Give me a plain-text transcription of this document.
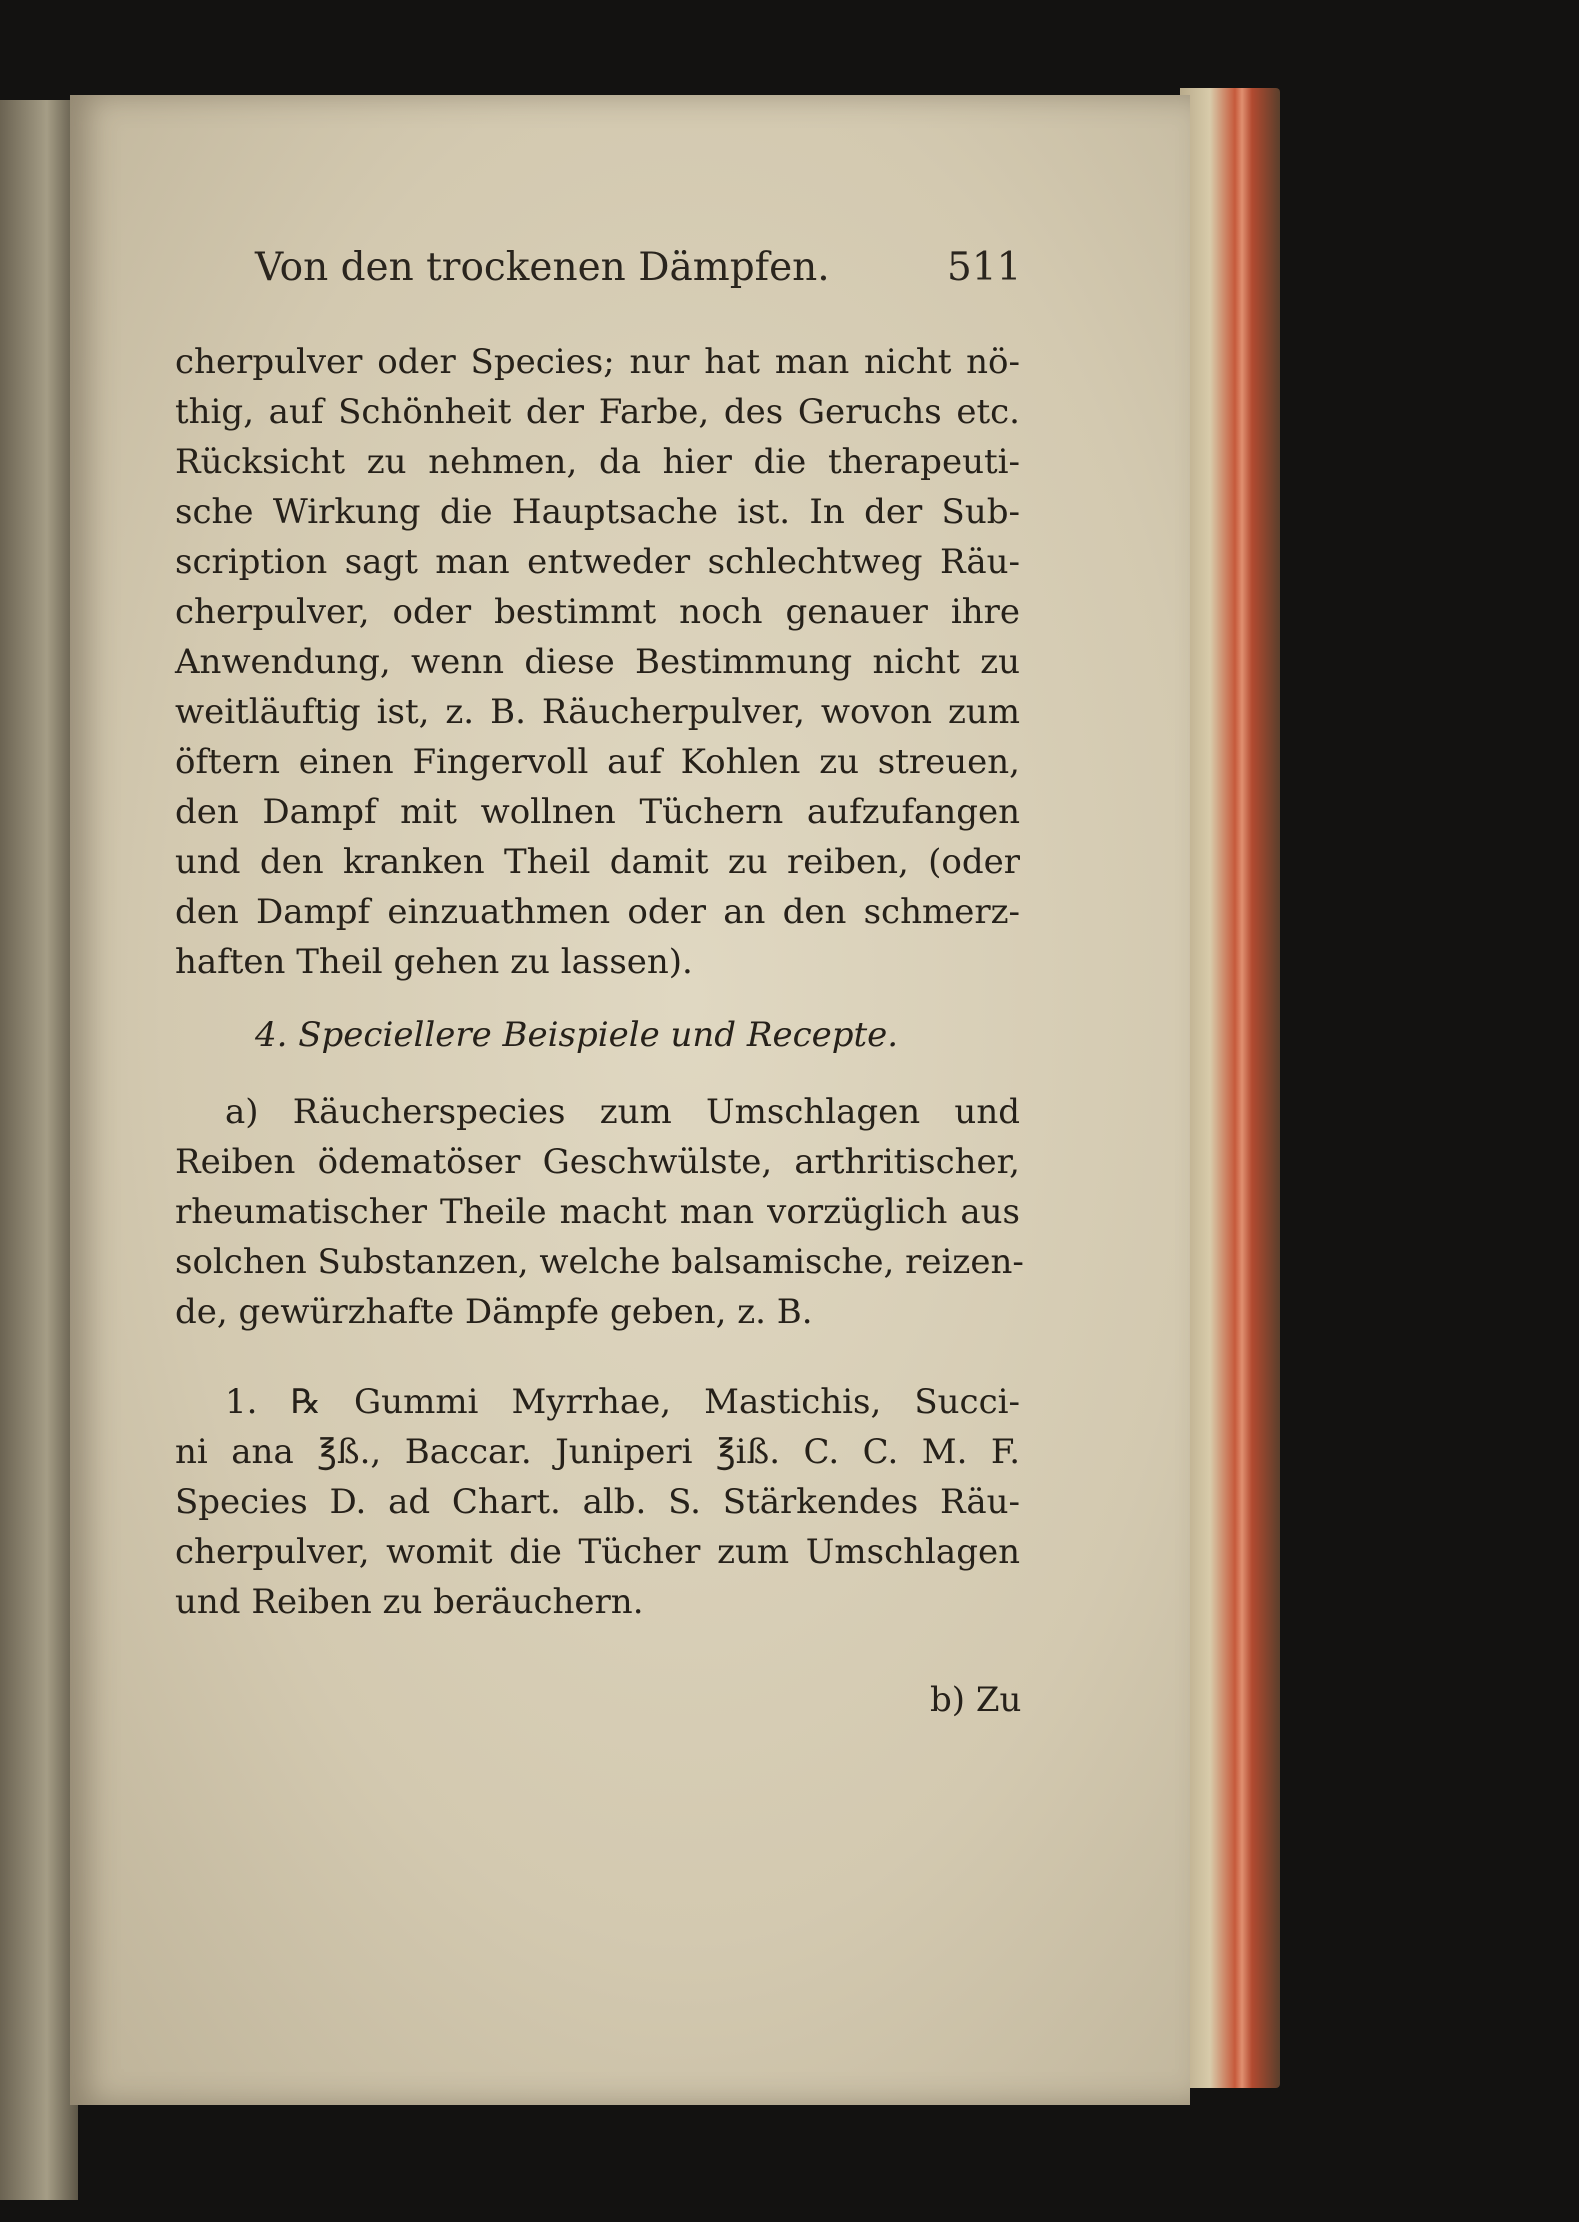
Von den trockenen Dämpfen.	511
cherpulver oder Species; nur hat man nicht nö-
thig, auf Schönheit der Farbe, des Geruchs etc.
Rücksicht zu nehmen, da hier die therapeuti-
sche Wirkung die Hauptsache ist. In der Sub-
scription sagt man entweder schlechtweg Räu-
cherpulver, oder bestimmt noch genauer ihre
Anwendung, wenn diese Bestimmung nicht zu
weitläuftig ist, z. B. Räucherpulver, wovon zum
öftern einen Fingervoll auf Kohlen zu streuen,
den Dampf mit wollnen Tüchern aufzufangen
und den kranken Theil damit zu reiben, (oder
den Dampf einzuathmen oder an den schmerz-
haften Theil gehen zu lassen).
4. Speciellere Beispiele und Recepte.
a) Räucherspecies zum Umschlagen und
Reiben ödematöser Geschwülste, arthritischer,
rheumatischer Theile macht man vorzüglich aus
solchen Substanzen, welche balsamische, reizen-
de, gewürzhafte Dämpfe geben, z. B.
1. ℞ Gummi Myrrhae, Mastichis, Succi-
ni ana ℥ß., Baccar. Juniperi ℥iß. C. C. M. F.
Species D. ad Chart. alb. S. Stärkendes Räu-
cherpulver, womit die Tücher zum Umschlagen
und Reiben zu beräuchern.
b) Zu
